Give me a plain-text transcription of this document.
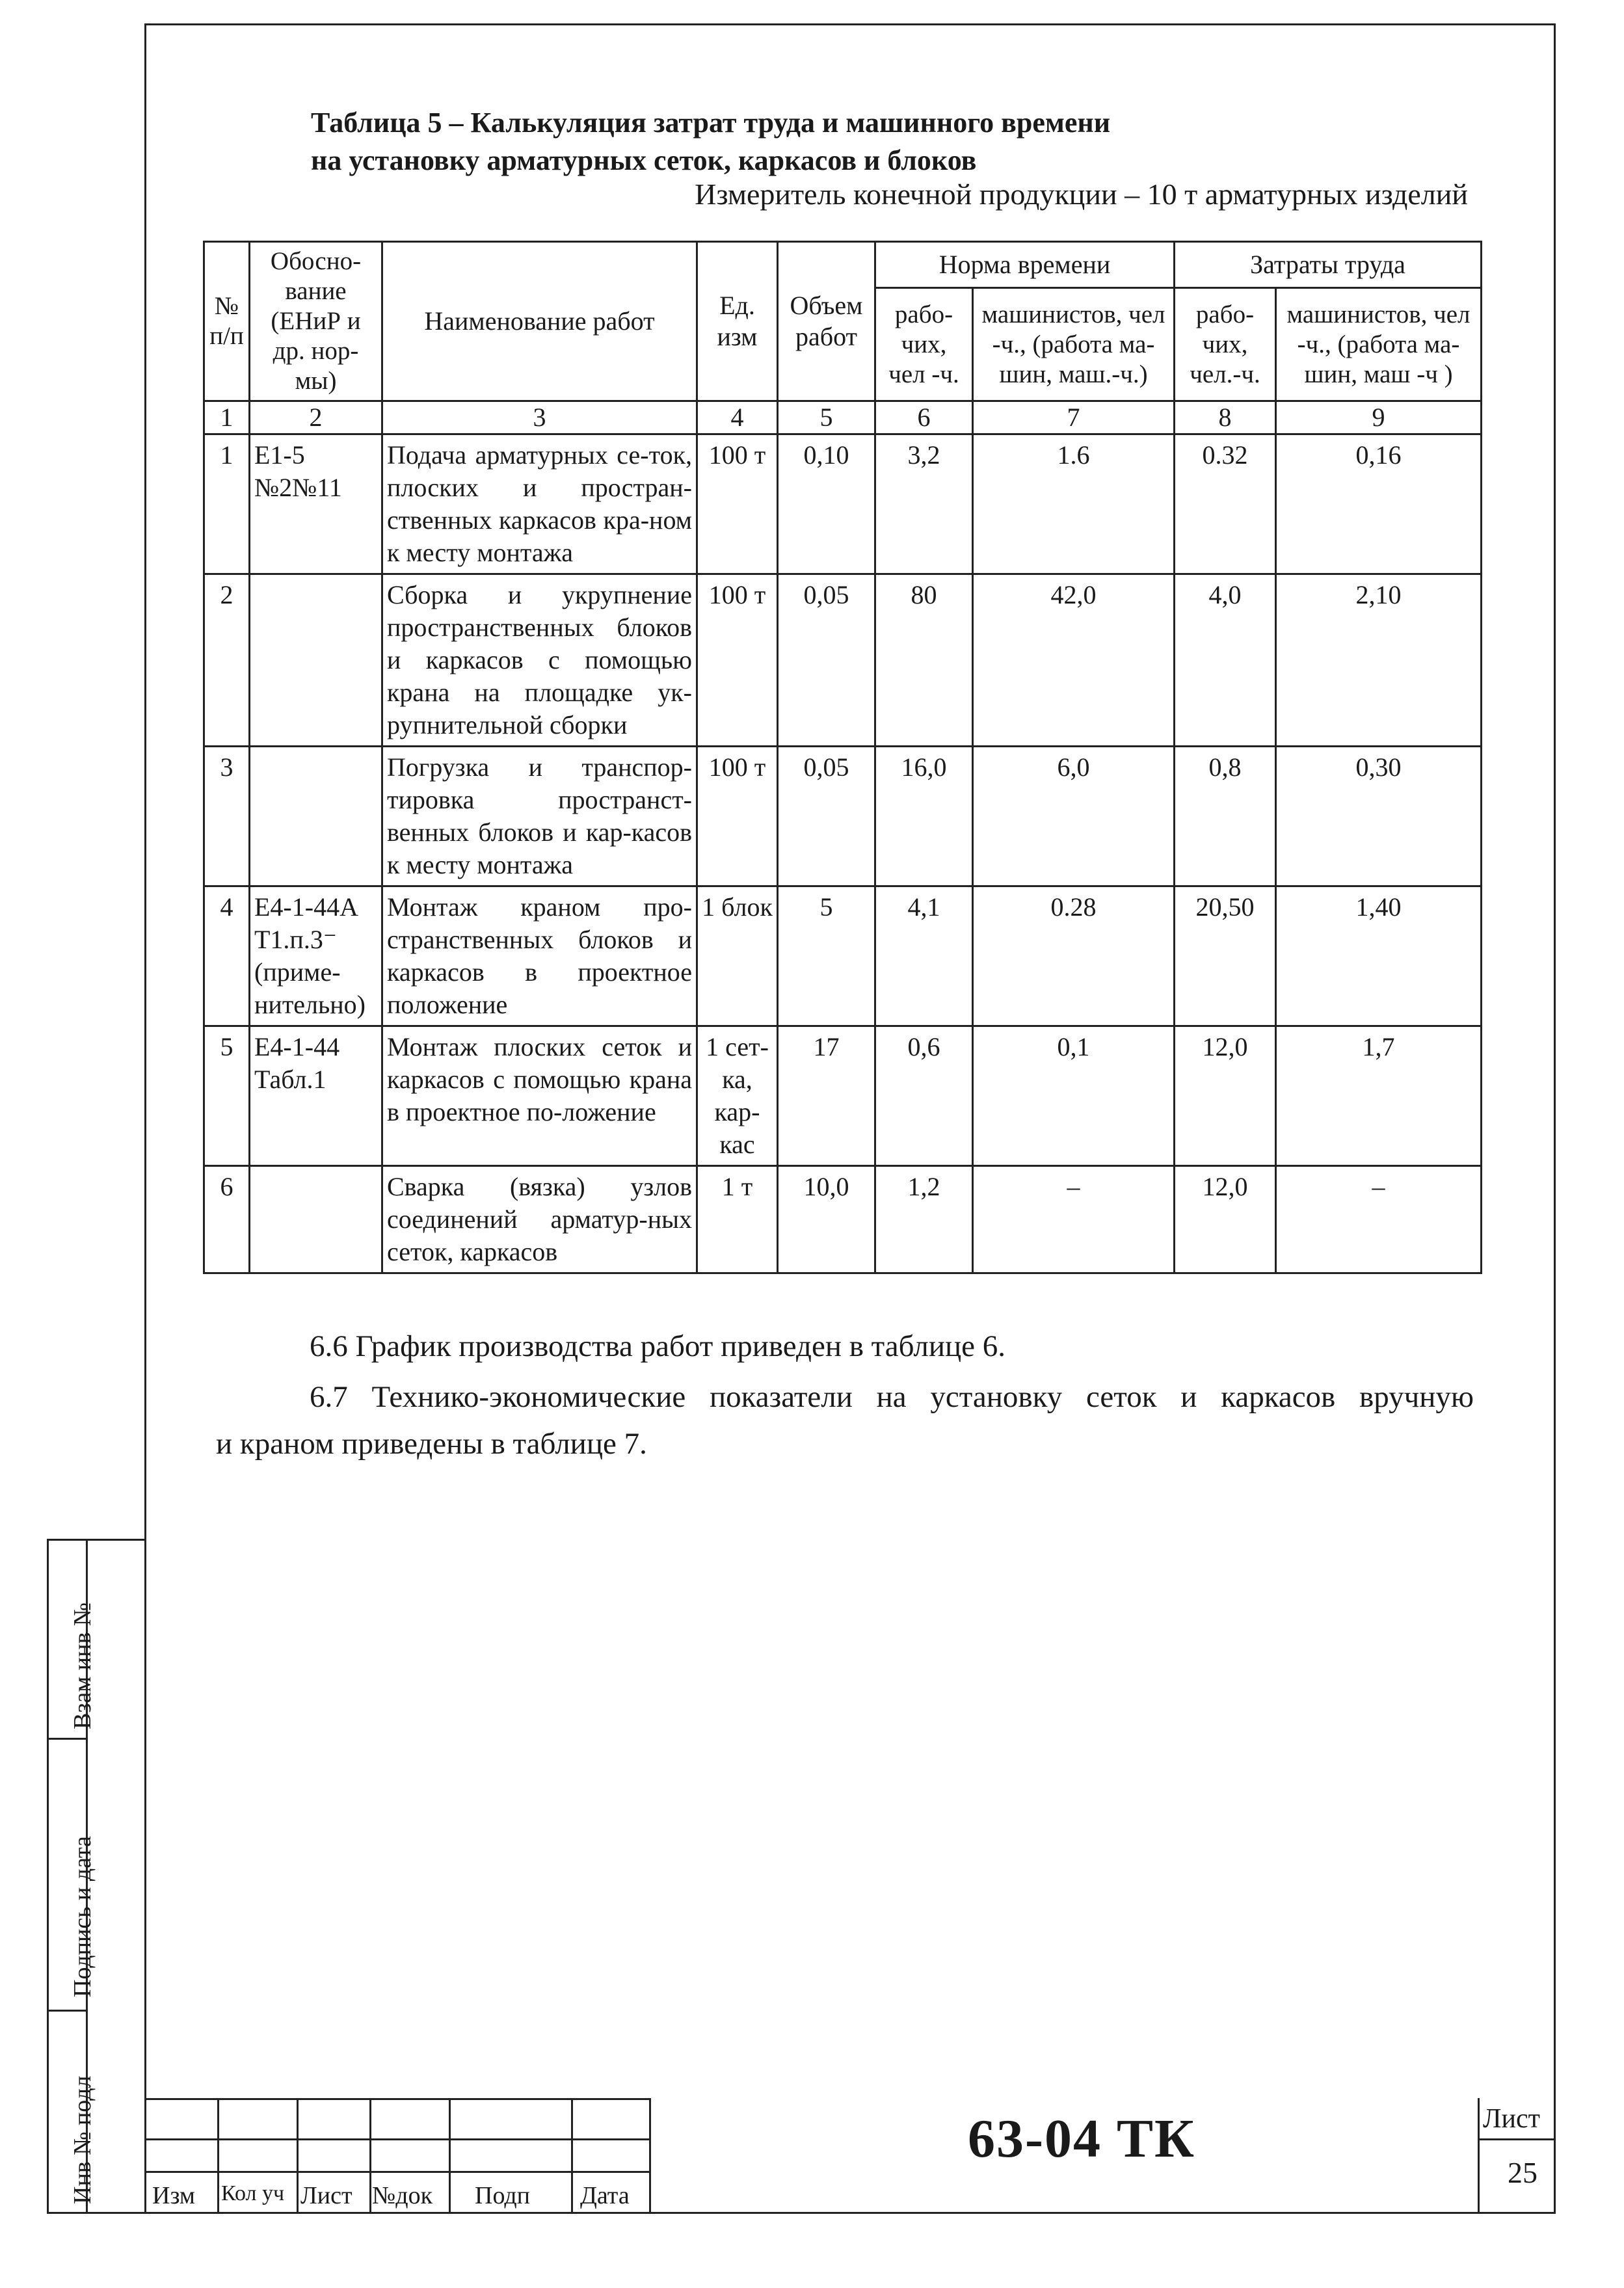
Взам инв №
Подпись и дата
Инв № подл
Таблица 5 – Калькуляция затрат труда и машинного времени
на установку арматурных сеток, каркасов и блоков
Измеритель конечной продукции – 10 т арматурных изделий
№ п/п	Обосно-вание (ЕНиР и др. нор-мы)	Наименование работ	Ед. изм	Объем работ	Норма времени		Затраты труда	
					рабо-чих, чел -ч.	машинистов, чел -ч., (работа ма-шин, маш.-ч.)	рабо-чих, чел.-ч.	машинистов, чел -ч., (работа ма-шин, маш -ч )
1	2	3	4	5	6	7	8	9
1	Е1-5 №2№11	Подача арматурных се-ток, плоских и простран-ственных каркасов кра-ном к месту монтажа	100 т	0,10	3,2	1.6	0.32	0,16
2		Сборка и укрупнение пространственных блоков и каркасов с помощью крана на площадке ук-рупнительной сборки	100 т	0,05	80	42,0	4,0	2,10
3		Погрузка и транспор-тировка пространст-венных блоков и кар-касов к месту монтажа	100 т	0,05	16,0	6,0	0,8	0,30
4	Е4-1-44А Т1.п.3⁻ (приме-нительно)	Монтаж краном про-странственных блоков и каркасов в проектное положение	1 блок	5	4,1	0.28	20,50	1,40
5	Е4-1-44 Табл.1	Монтаж плоских сеток и каркасов с помощью крана в проектное по-ложение	1 сет-ка, кар-кас	17	0,6	0,1	12,0	1,7
6		Сварка (вязка) узлов соединений арматур-ных сеток, каркасов	1 т	10,0	1,2	–	12,0	–
6.6 График производства работ приведен в таблице 6.
6.7 Технико-экономические показатели на установку сеток и каркасов вручную
и краном приведены в таблице 7.
Изм Кол уч Лист №док Подп Дата
63-04 ТК	Лист
25
